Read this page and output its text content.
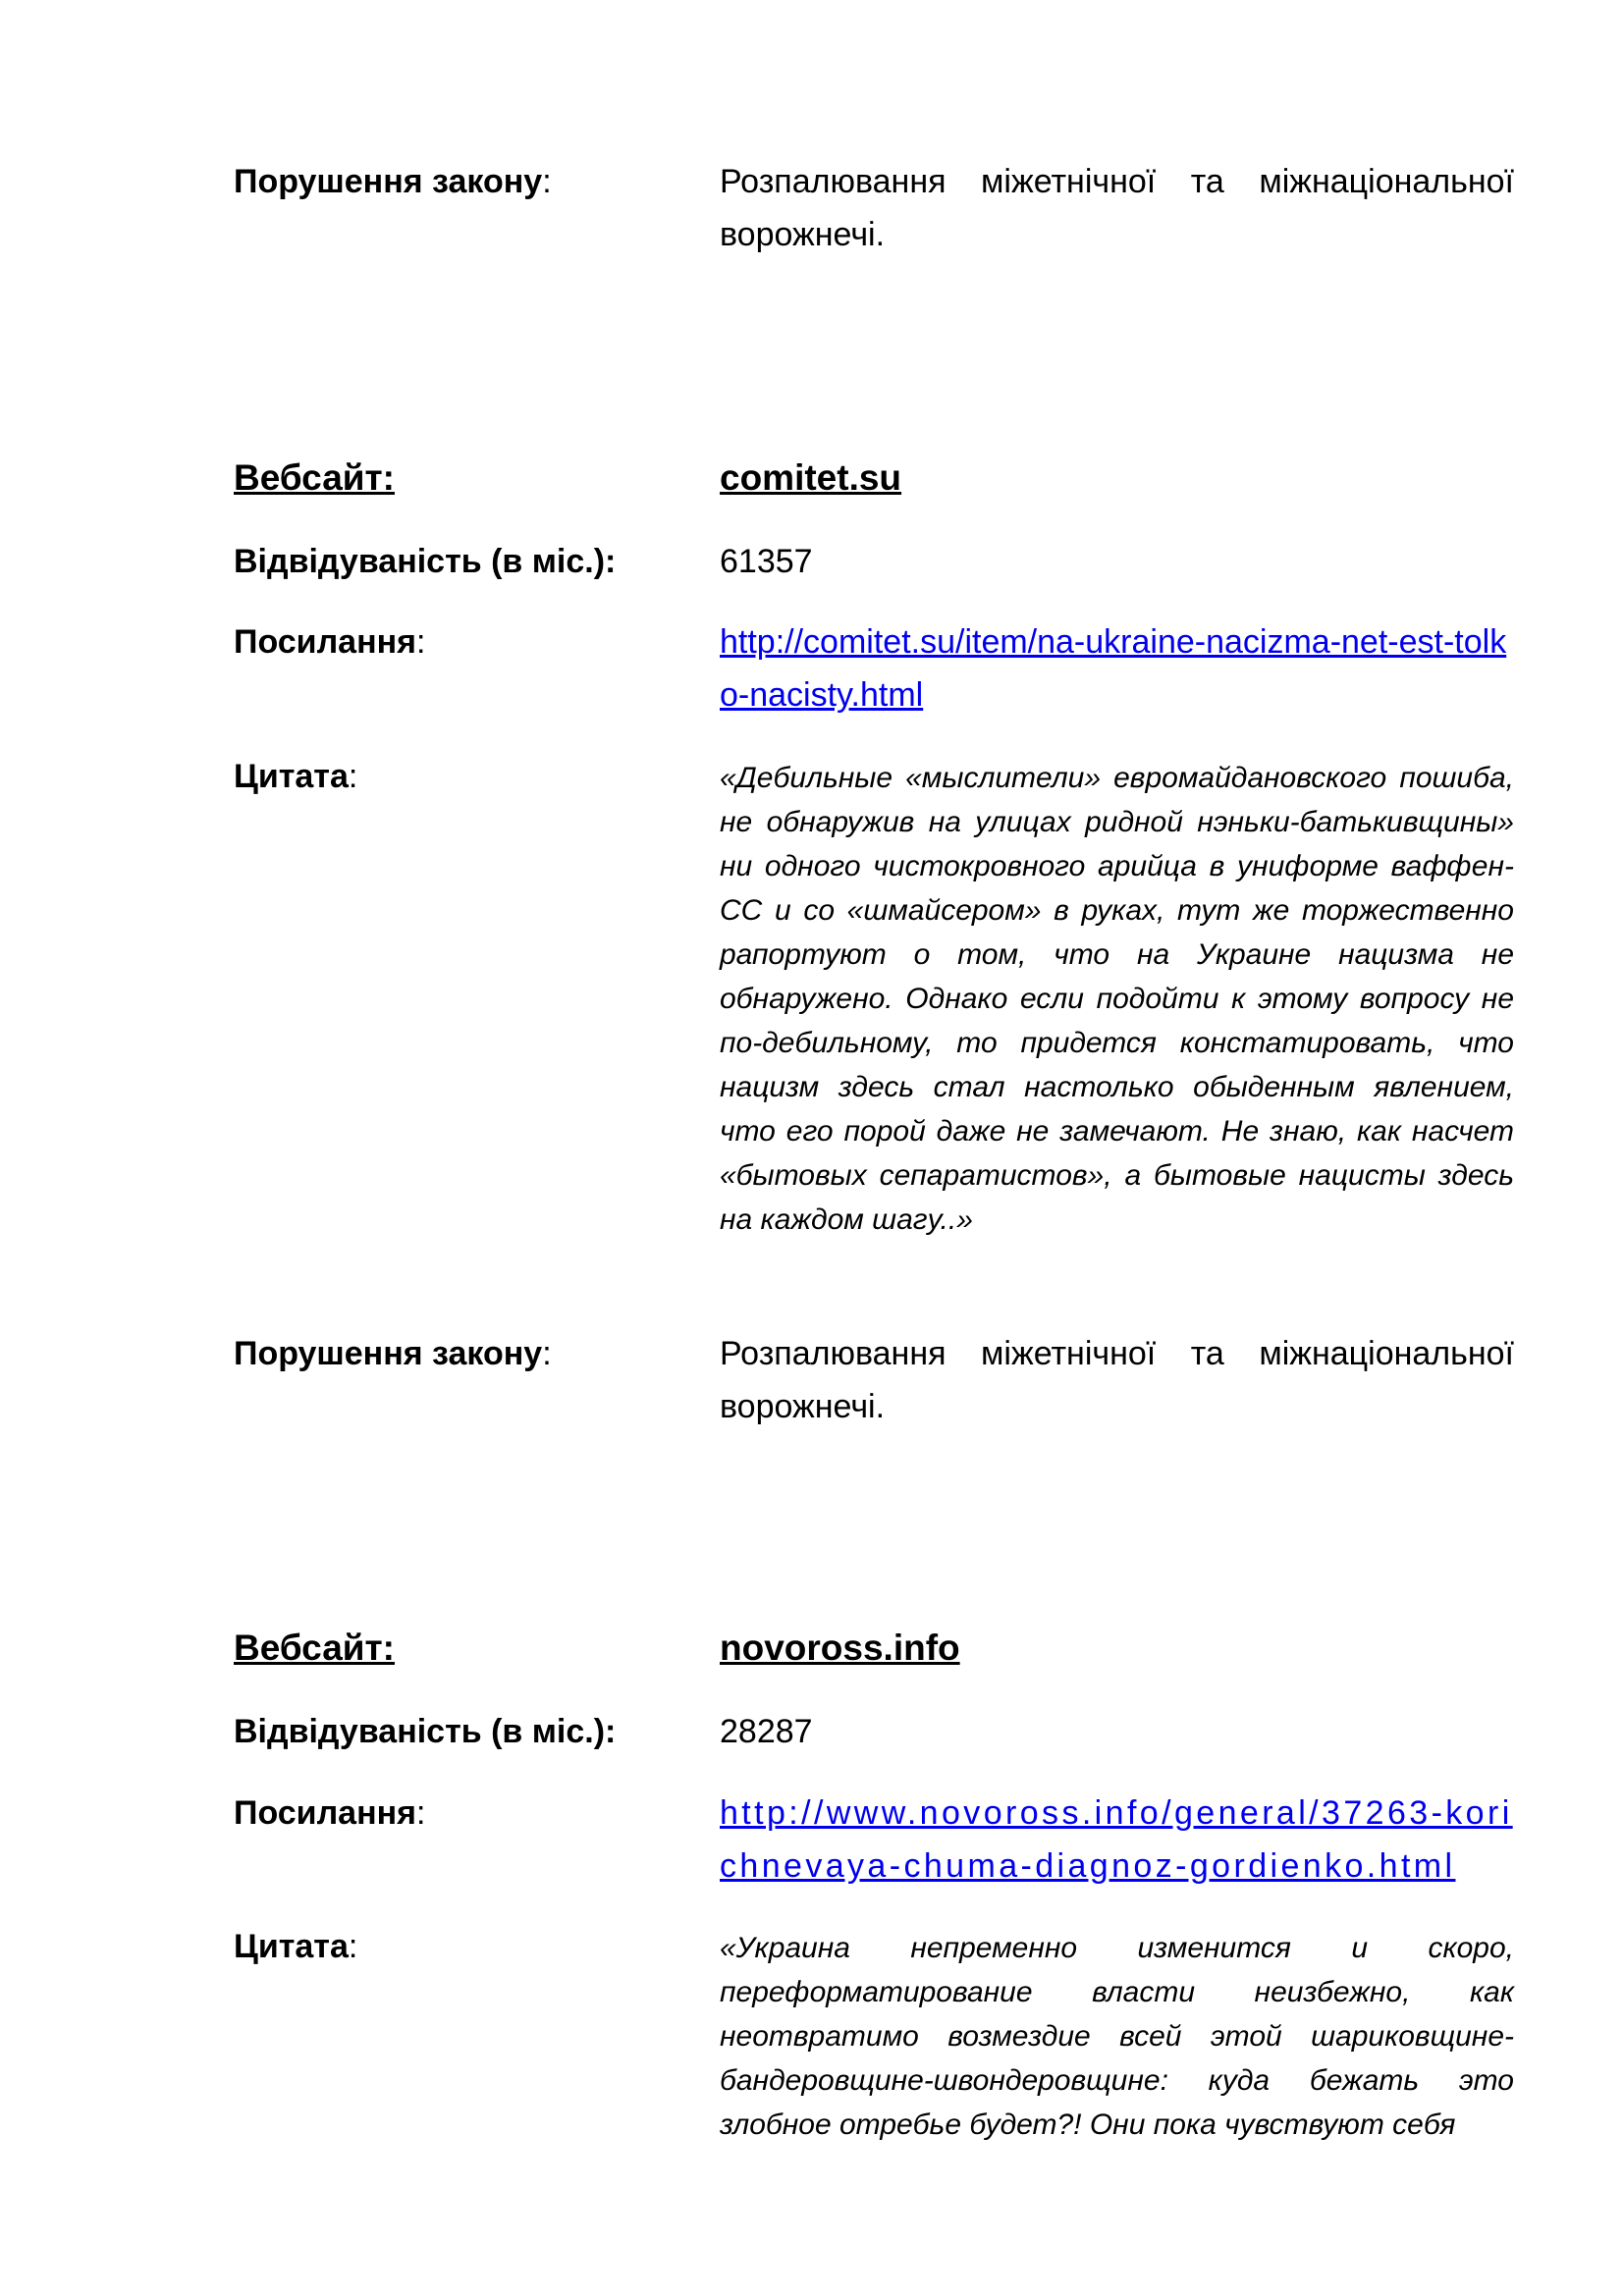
Порушення закону:	Розпалювання міжетнічної та міжнаціональної ворожнечі.
Вебсайт:	comitet.su
Відвідуваність (в міс.):	61357
Посилання:	http://comitet.su/item/na-ukraine-nacizma-net-est-tolko-nacisty.html
Цитата:	«Дебильные «мыслители» евромайдановского пошиба, не обнаружив на улицах ридной нэньки-батькивщины» ни одного чистокровного арийца в униформе ваффен-СС и со «шмайсером» в руках, тут же торжественно рапортуют о том, что на Украине нацизма не обнаружено. Однако если подойти к этому вопросу не по-дебильному, то придется констатировать, что нацизм здесь стал настолько обыденным явлением, что его порой даже не замечают. Не знаю, как насчет «бытовых сепаратистов», а бытовые нацисты здесь на каждом шагу..»
Порушення закону:	Розпалювання міжетнічної та міжнаціональної ворожнечі.
Вебсайт:	novoross.info
Відвідуваність (в міс.):	28287
Посилання:	http://www.novoross.info/general/37263-korichnevaya-chuma-diagnoz-gordienko.html
Цитата:	«Украина непременно изменится и скоро, переформатирование власти неизбежно, как неотвратимо возмездие всей этой шариковщине-бандеровщине-швондеровщине: куда бежать это злобное отребье будет?! Они пока чувствуют себя
